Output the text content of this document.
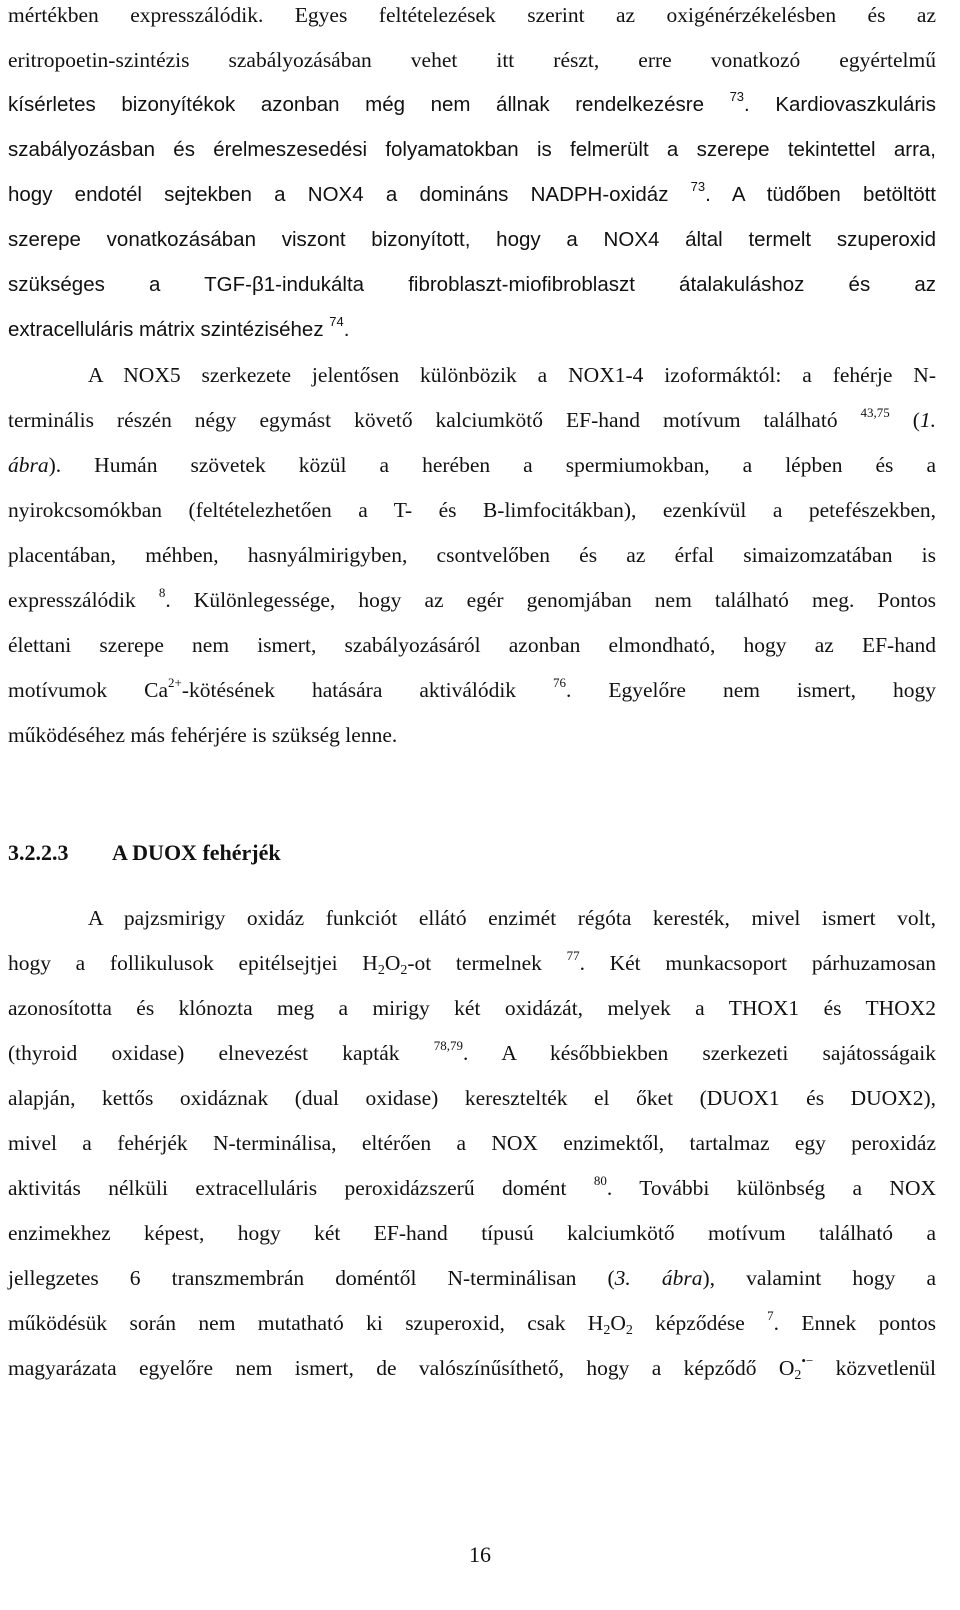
mértékben expresszálódik. Egyes feltételezések szerint az oxigénérzékelésben és az
eritropoetin-szintézis szabályozásában vehet itt részt, erre vonatkozó egyértelmű
kísérletes bizonyítékok azonban még nem állnak rendelkezésre $^{73}$. Kardiovaszkuláris
szabályozásban és érelmeszesedési folyamatokban is felmerült a szerepe tekintettel arra,
hogy endotél sejtekben a NOX4 a domináns NADPH-oxidáz $^{73}$. A tüdőben betöltött
szerepe vonatkozásában viszont bizonyított, hogy a NOX4 által termelt szuperoxid
szükséges a TGF-β1-indukálta fibroblaszt-miofibroblaszt átalakuláshoz és az
extracelluláris mátrix szintéziséhez $^{74}$.
A NOX5 szerkezete jelentősen különbözik a NOX1-4 izoformáktól: a fehérje N-
terminális részén négy egymást követő kalciumkötő EF-hand motívum található $^{43,75}$ (1.
ábra). Humán szövetek közül a herében a spermiumokban, a lépben és a
nyirokcsomókban (feltételezhetően a T- és B-limfocitákban), ezenkívül a petefészekben,
placentában, méhben, hasnyálmirigyben, csontvelőben és az érfal simaizomzatában is
expresszálódik $^8$. Különlegessége, hogy az egér genomjában nem található meg. Pontos
élettani szerepe nem ismert, szabályozásáról azonban elmondható, hogy az EF-hand
motívumok $Ca^{2+}$-kötésének hatására aktiválódik $^{76}$. Egyelőre nem ismert, hogy
működéséhez más fehérjére is szükség lenne.
3.2.2.3 A DUOX fehérjék
A pajzsmirigy oxidáz funkciót ellátó enzimét régóta keresték, mivel ismert volt,
hogy a follikulusok epitélsejtjei $H_2O_2-ot$ termelnek $^{77}$. Két munkacsoport párhuzamosan
azonosította és klónozta meg a mirigy két oxidázát, melyek a THOX1 és THOX2
(thyroid oxidase) elnevezést kapták $^{78,79}$. A későbbiekben szerkezeti sajátosságaik
alapján, kettős oxidáznak (dual oxidase) keresztelték el őket (DUOX1 és DUOX2),
mivel a fehérjék N-terminálisa, eltérően a NOX enzimektől, tartalmaz egy peroxidáz
aktivitás nélküli extracelluláris peroxidázszerű domént $^{80}$. További különbség a NOX
enzimekhez képest, hogy két EF-hand típusú kalciumkötő motívum található a
jellegzetes 6 transzmembrán doméntől N-terminálisan (3. ábra), valamint hogy a
működésük során nem mutatható ki szuperoxid, csak $H_2O_2$ képződése $^7$. Ennek pontos
magyarázata egyelőre nem ismert, de valószínűsíthető, hogy a képződő $O_2^{•-}$ közvetlenül
16
